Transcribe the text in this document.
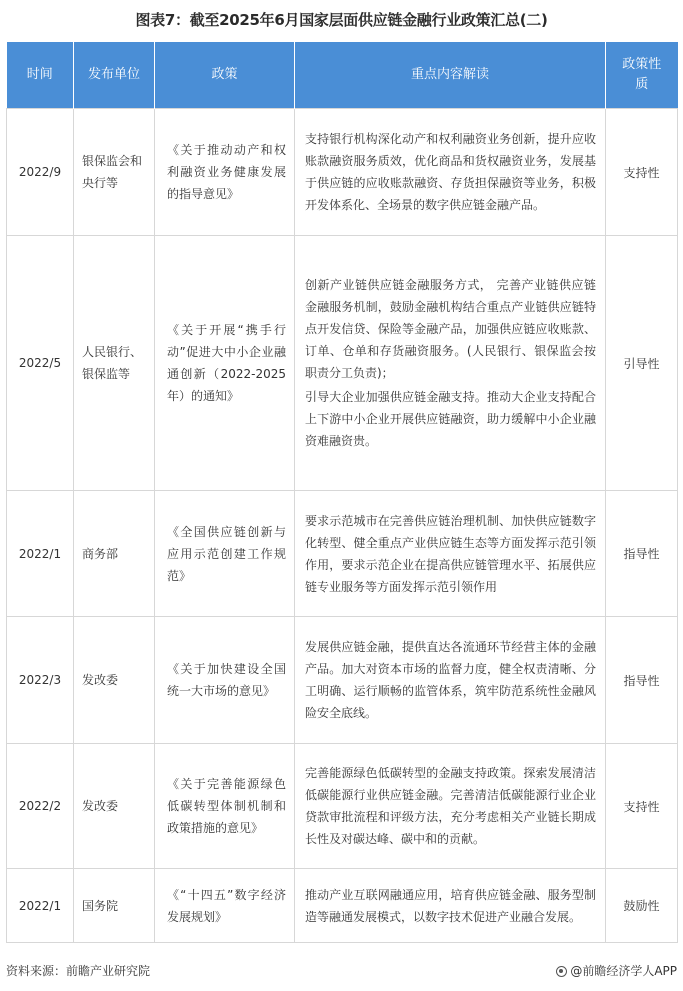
图表7：截至2025年6月国家层面供应链金融行业政策汇总(二)
时间	发布单位	政策	重点内容解读	政策性质

2022/9	银保监会和央行等	《关于推动动产和权利融资业务健康发展的指导意见》	支持银行机构深化动产和权利融资业务创新，提升应收账款融资服务质效，优化商品和货权融资业务，发展基于供应链的应收账款融资、存货担保融资等业务，积极开发体系化、全场景的数字供应链金融产品。	支持性
2022/5	人民银行、银保监等	《关于开展“携手行动”促进大中小企业融通创新（2022-2025年）的通知》	创新产业链供应链金融服务方式， 完善产业链供应链金融服务机制，鼓励金融机构结合重点产业链供应链特点开发信贷、保险等金融产品，加强供应链应收账款、订单、仓单和存货融资服务。(人民银行、银保监会按职责分工负责)；
引导大企业加强供应链金融支持。推动大企业支持配合上下游中小企业开展供应链融资，助力缓解中小企业融资难融资贵。	引导性
2022/1	商务部	《全国供应链创新与应用示范创建工作规范》	要求示范城市在完善供应链治理机制、加快供应链数字化转型、健全重点产业供应链生态等方面发挥示范引领作用，要求示范企业在提高供应链管理水平、拓展供应链专业服务等方面发挥示范引领作用	指导性
2022/3	发改委	《关于加快建设全国统一大市场的意见》	发展供应链金融，提供直达各流通环节经营主体的金融产品。加大对资本市场的监督力度，健全权责清晰、分工明确、运行顺畅的监管体系，筑牢防范系统性金融风险安全底线。	指导性
2022/2	发改委	《关于完善能源绿色低碳转型体制机制和政策措施的意见》	完善能源绿色低碳转型的金融支持政策。探索发展清洁低碳能源行业供应链金融。完善清洁低碳能源行业企业贷款审批流程和评级方法，充分考虑相关产业链长期成长性及对碳达峰、碳中和的贡献。	支持性
2022/1	国务院	《“十四五”数字经济发展规划》	推动产业互联网融通应用，培育供应链金融、服务型制造等融通发展模式，以数字技术促进产业融合发展。	鼓励性
资料来源：前瞻产业研究院	@前瞻经济学人APP
